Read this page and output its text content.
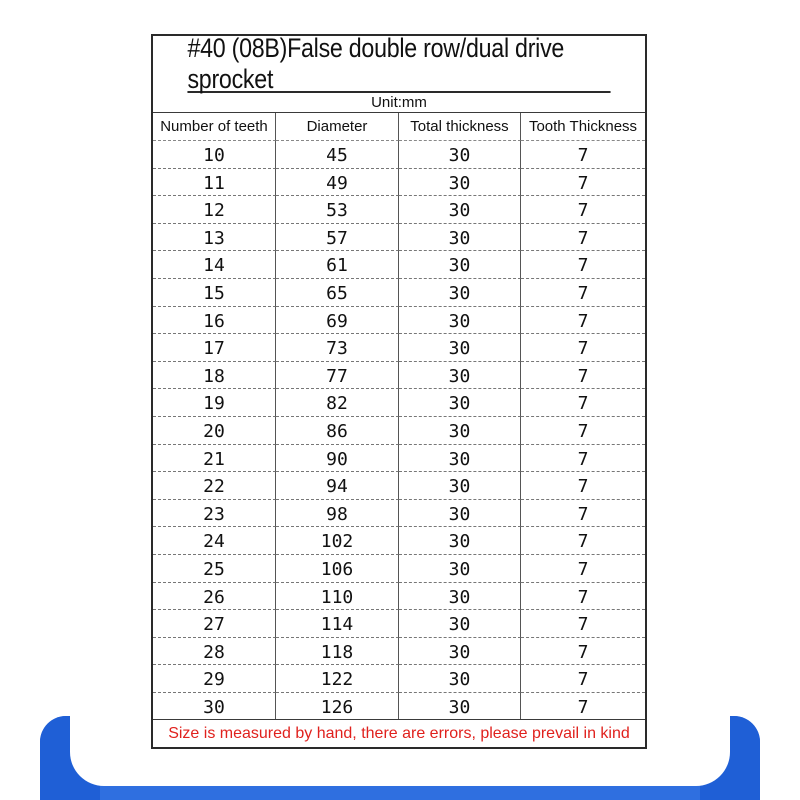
#40 (08B)False double row/dual drive sprocket
Unit:mm
Number of teeth	Diameter	Total thickness	Tooth Thickness
10	45	30	7
11	49	30	7
12	53	30	7
13	57	30	7
14	61	30	7
15	65	30	7
16	69	30	7
17	73	30	7
18	77	30	7
19	82	30	7
20	86	30	7
21	90	30	7
22	94	30	7
23	98	30	7
24	102	30	7
25	106	30	7
26	110	30	7
27	114	30	7
28	118	30	7
29	122	30	7
30	126	30	7
Size is measured by hand, there are errors, please prevail in kind
